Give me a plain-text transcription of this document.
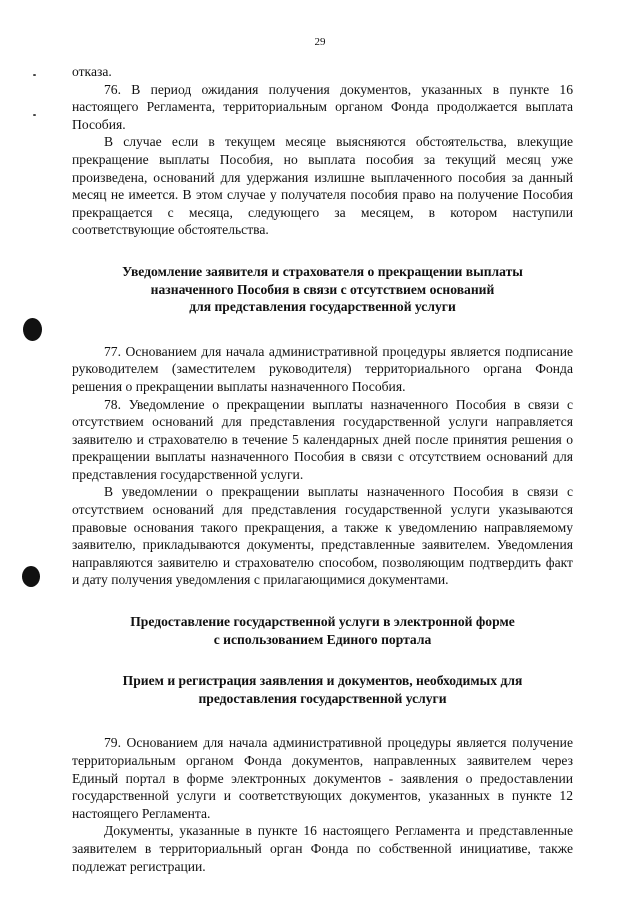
29

отказа.

76. В период ожидания получения документов, указанных в пункте 16 настоящего Регламента, территориальным органом Фонда продолжается выплата Пособия.

В случае если в текущем месяце выясняются обстоятельства, влекущие прекращение выплаты Пособия, но выплата пособия за текущий месяц уже произведена, оснований для удержания излишне выплаченного пособия за данный месяц не имеется. В этом случае у получателя пособия право на получение Пособия прекращается с месяца, следующего за месяцем, в котором наступили соответствующие обстоятельства.

Уведомление заявителя и страхователя о прекращении выплаты
назначенного Пособия в связи с отсутствием оснований
для представления государственной услуги

77. Основанием для начала административной процедуры является подписание руководителем (заместителем руководителя) территориального органа Фонда решения о прекращении выплаты назначенного Пособия.

78. Уведомление о прекращении выплаты назначенного Пособия в связи с отсутствием оснований для представления государственной услуги направляется заявителю и страхователю в течение 5 календарных дней после принятия решения о прекращении выплаты назначенного Пособия в связи с отсутствием оснований для представления государственной услуги.

В уведомлении о прекращении выплаты назначенного Пособия в связи с отсутствием оснований для представления государственной услуги указываются правовые основания такого прекращения, а также к уведомлению направляемому заявителю, прикладываются документы, представленные заявителем. Уведомления направляются заявителю и страхователю способом, позволяющим подтвердить факт и дату получения уведомления с прилагающимися документами.

Предоставление государственной услуги в электронной форме
с использованием Единого портала
Прием и регистрация заявления и документов, необходимых для
предоставления государственной услуги

79. Основанием для начала административной процедуры является получение территориальным органом Фонда документов, направленных заявителем через Единый портал в форме электронных документов - заявления о предоставлении государственной услуги и соответствующих документов, указанных в пункте 12 настоящего Регламента.

Документы, указанные в пункте 16 настоящего Регламента и представленные заявителем в территориальный орган Фонда по собственной инициативе, также подлежат регистрации.
